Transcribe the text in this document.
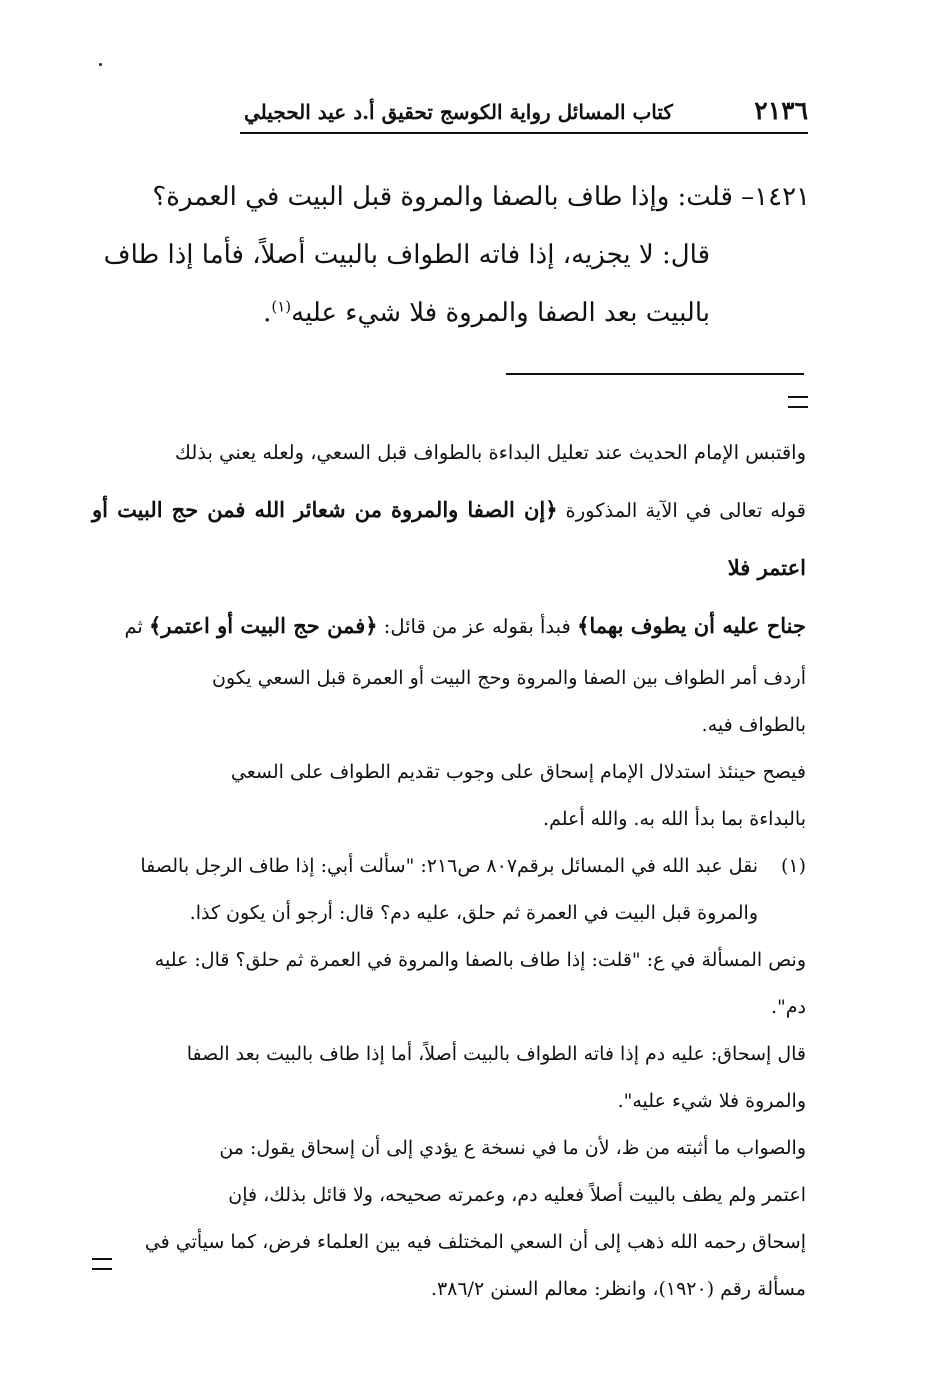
٢١٣٦
كتاب المسائل رواية الكوسج تحقيق أ.د عيد الحجيلي

١٤٢١– قلت: وإذا طاف بالصفا والمروة قبل البيت في العمرة؟

قال: لا يجزيه، إذا فاته الطواف بالبيت أصلاً، فأما إذا طاف

بالبيت بعد الصفا والمروة فلا شيء عليه$^{(١)}$.

واقتبس الإمام الحديث عند تعليل البداءة بالطواف قبل السعي، ولعله يعني بذلك

قوله تعالى في الآية المذكورة ﴿إن الصفا والمروة من شعائر الله فمن حج البيت أو اعتمر فلا

جناح عليه أن يطوف بهما﴾ فبدأ بقوله عز من قائل: ﴿فمن حج البيت أو اعتمر﴾ ثم

أردف أمر الطواف بين الصفا والمروة وحج البيت أو العمرة قبل السعي يكون

بالطواف فيه.

فيصح حينئذ استدلال الإمام إسحاق على وجوب تقديم الطواف على السعي

بالبداءة بما بدأ الله به. والله أعلم.

(١)
نقل عبد الله في المسائل برقم٨٠٧ ص٢١٦: "سألت أبي: إذا طاف الرجل بالصفا

والمروة قبل البيت في العمرة ثم حلق، عليه دم؟ قال: أرجو أن يكون كذا.

ونص المسألة في ع: "قلت: إذا طاف بالصفا والمروة في العمرة ثم حلق؟ قال: عليه

دم".

قال إسحاق: عليه دم إذا فاته الطواف بالبيت أصلاً، أما إذا طاف بالبيت بعد الصفا

والمروة فلا شيء عليه".

والصواب ما أثبته من ظ، لأن ما في نسخة ع يؤدي إلى أن إسحاق يقول: من

اعتمر ولم يطف بالبيت أصلاً فعليه دم، وعمرته صحيحه، ولا قائل بذلك، فإن

إسحاق رحمه الله ذهب إلى أن السعي المختلف فيه بين العلماء فرض، كما سيأتي في

مسألة رقم (١٩٢٠)، وانظر: معالم السنن ٣٨٦/٢.
